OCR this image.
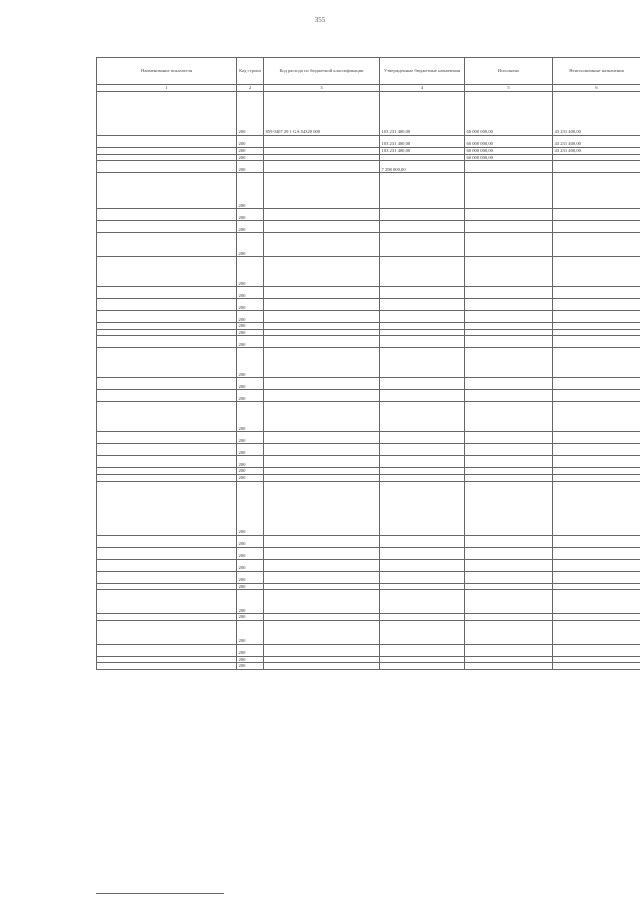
355
Наименование показателя	Код строки	Код расхода по бюджетной классификации	Утвержденные бюджетные назначения	Исполнено	Неисполненные назначения
1	2	3	4	5	6
	200	859 0407 29 1 GA 54320 000	103 231 400,00	60 000 000,00	43 231 400,00
	200		103 231 400,00	60 000 000,00	43 231 400,00
	200		103 231 400,00	60 000 000,00	43 231 400,00
	200			60 000 000,00	
	200		7 298 000,00		
	200				
	200				
	200				
	200				
	200				
	200				
	200				
	200				
	200				
	200				
	200				
	200				
	200				
	200				
	200				
	200				
	200				
	200				
	200				
	200				
	200				
	200				
	200				
	200				
	200				
	200				
	200				
	200				
	200				
	200				
	200				
	200				
